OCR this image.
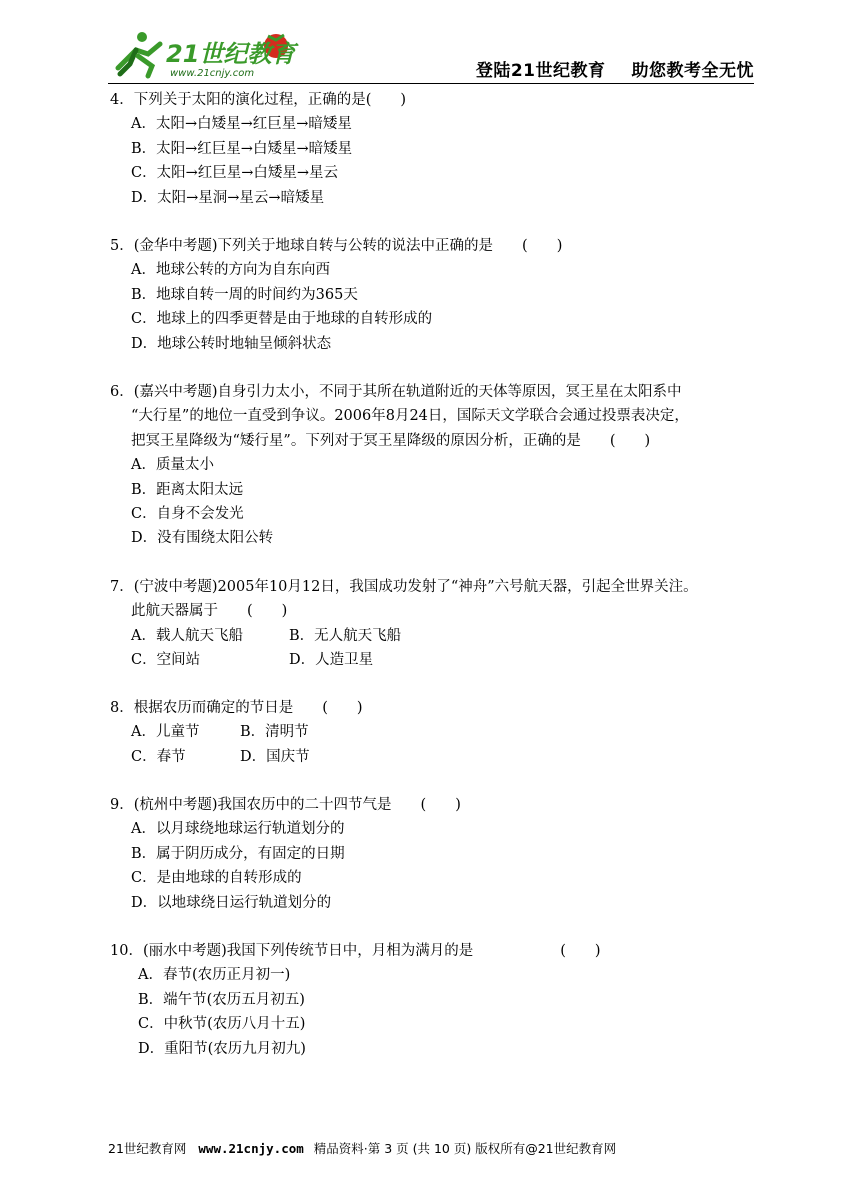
21世纪教育
www.21cnjy.com	登陆21世纪教育 助您教考全无忧
4．下列关于太阳的演化过程，正确的是(　　)
A．太阳→白矮星→红巨星→暗矮星
B．太阳→红巨星→白矮星→暗矮星
C．太阳→红巨星→白矮星→星云
D．太阳→星洞→星云→暗矮星
5．(金华中考题)下列关于地球自转与公转的说法中正确的是　　(　　)
A．地球公转的方向为自东向西
B．地球自转一周的时间约为365天
C．地球上的四季更替是由于地球的自转形成的
D．地球公转时地轴呈倾斜状态
6．(嘉兴中考题)自身引力太小，不同于其所在轨道附近的天体等原因，冥王星在太阳系中
“大行星”的地位一直受到争议。2006年8月24日，国际天文学联合会通过投票表决定，
把冥王星降级为“矮行星”。下列对于冥王星降级的原因分析，正确的是　　(　　)
A．质量太小
B．距离太阳太远
C．自身不会发光
D．没有围绕太阳公转
7．(宁波中考题)2005年10月12日，我国成功发射了“神舟”六号航天器，引起全世界关注。
此航天器属于　　(　　)
A．载人航天飞船	B．无人航天飞船
C．空间站	D．人造卫星
8．根据农历而确定的节日是　　(　　)
A．儿童节	B．清明节
C．春节	D．国庆节
9．(杭州中考题)我国农历中的二十四节气是　　(　　)
A．以月球绕地球运行轨道划分的
B．属于阴历成分，有固定的日期
C．是由地球的自转形成的
D．以地球绕日运行轨道划分的
10．(丽水中考题)我国下列传统节日中，月相为满月的是　　　　　　(　　)
A．春节(农历正月初一)
B．端午节(农历五月初五)
C．中秋节(农历八月十五)
D．重阳节(农历九月初九)
21世纪教育网 www.21cnjy.com 精品资料·第 3 页 (共 10 页) 版权所有@21世纪教育网
